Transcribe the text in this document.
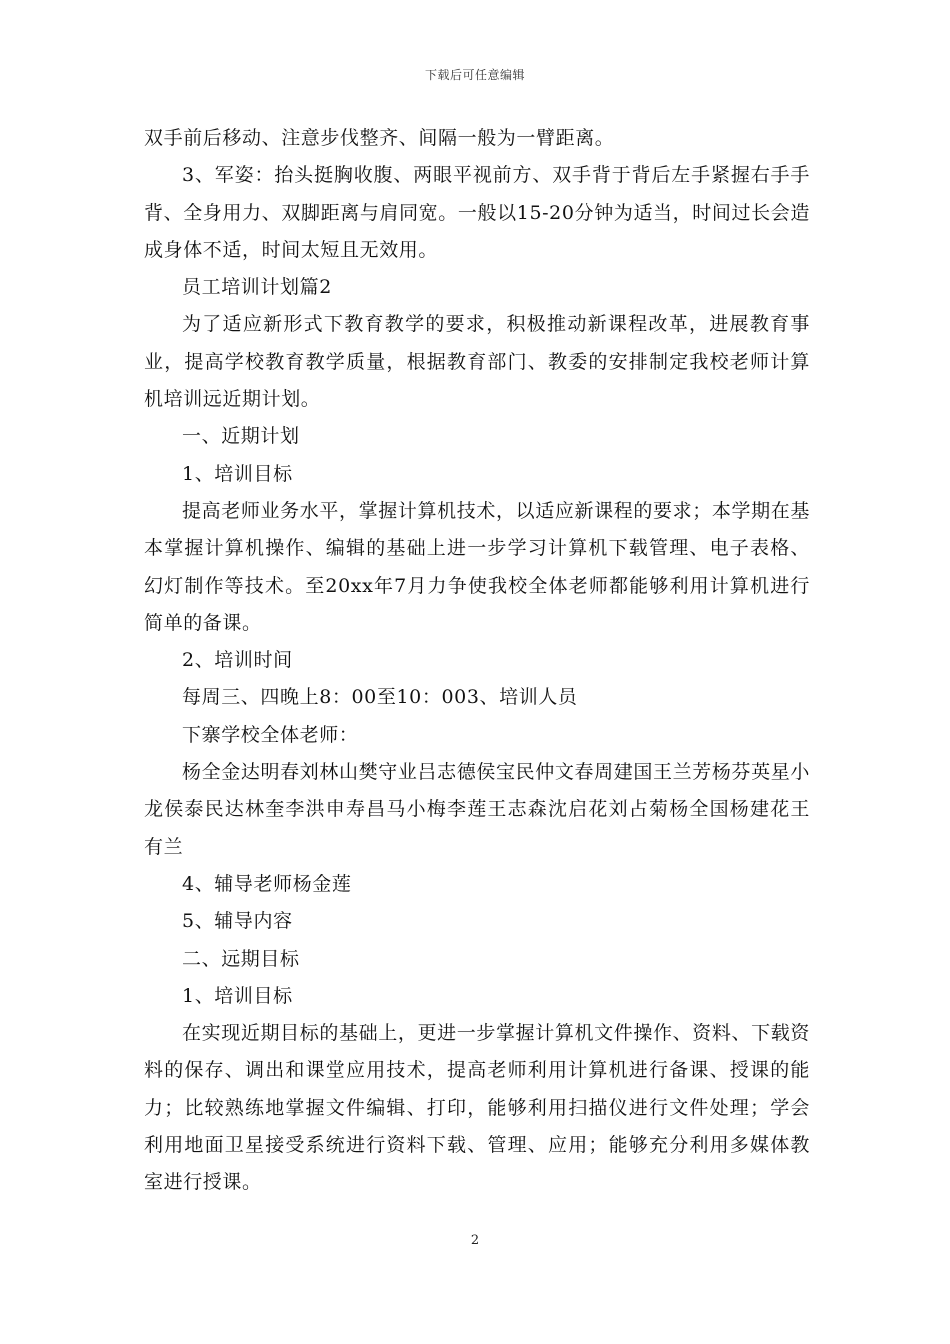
下载后可任意编辑

双手前后移动、注意步伐整齐、间隔一般为一臂距离。

3、军姿：抬头挺胸收腹、两眼平视前方、双手背于背后左手紧握右手手背、全身用力、双脚距离与肩同宽。一般以15-20分钟为适当，时间过长会造成身体不适，时间太短且无效用。

员工培训计划篇2

为了适应新形式下教育教学的要求，积极推动新课程改革，进展教育事业，提高学校教育教学质量，根据教育部门、教委的安排制定我校老师计算机培训远近期计划。

一、近期计划

1、培训目标

提高老师业务水平，掌握计算机技术，以适应新课程的要求；本学期在基本掌握计算机操作、编辑的基础上进一步学习计算机下载管理、电子表格、幻灯制作等技术。至20xx年7月力争使我校全体老师都能够利用计算机进行简单的备课。

2、培训时间

每周三、四晚上8：00至10：003、培训人员

下寨学校全体老师：

杨全金达明春刘林山樊守业吕志德侯宝民仲文春周建国王兰芳杨芬英星小龙侯泰民达林奎李洪申寿昌马小梅李莲王志森沈启花刘占菊杨全国杨建花王有兰

4、辅导老师杨金莲

5、辅导内容

二、远期目标

1、培训目标

在实现近期目标的基础上，更进一步掌握计算机文件操作、资料、下载资料的保存、调出和课堂应用技术，提高老师利用计算机进行备课、授课的能力；比较熟练地掌握文件编辑、打印，能够利用扫描仪进行文件处理；学会利用地面卫星接受系统进行资料下载、管理、应用；能够充分利用多媒体教室进行授课。

2
